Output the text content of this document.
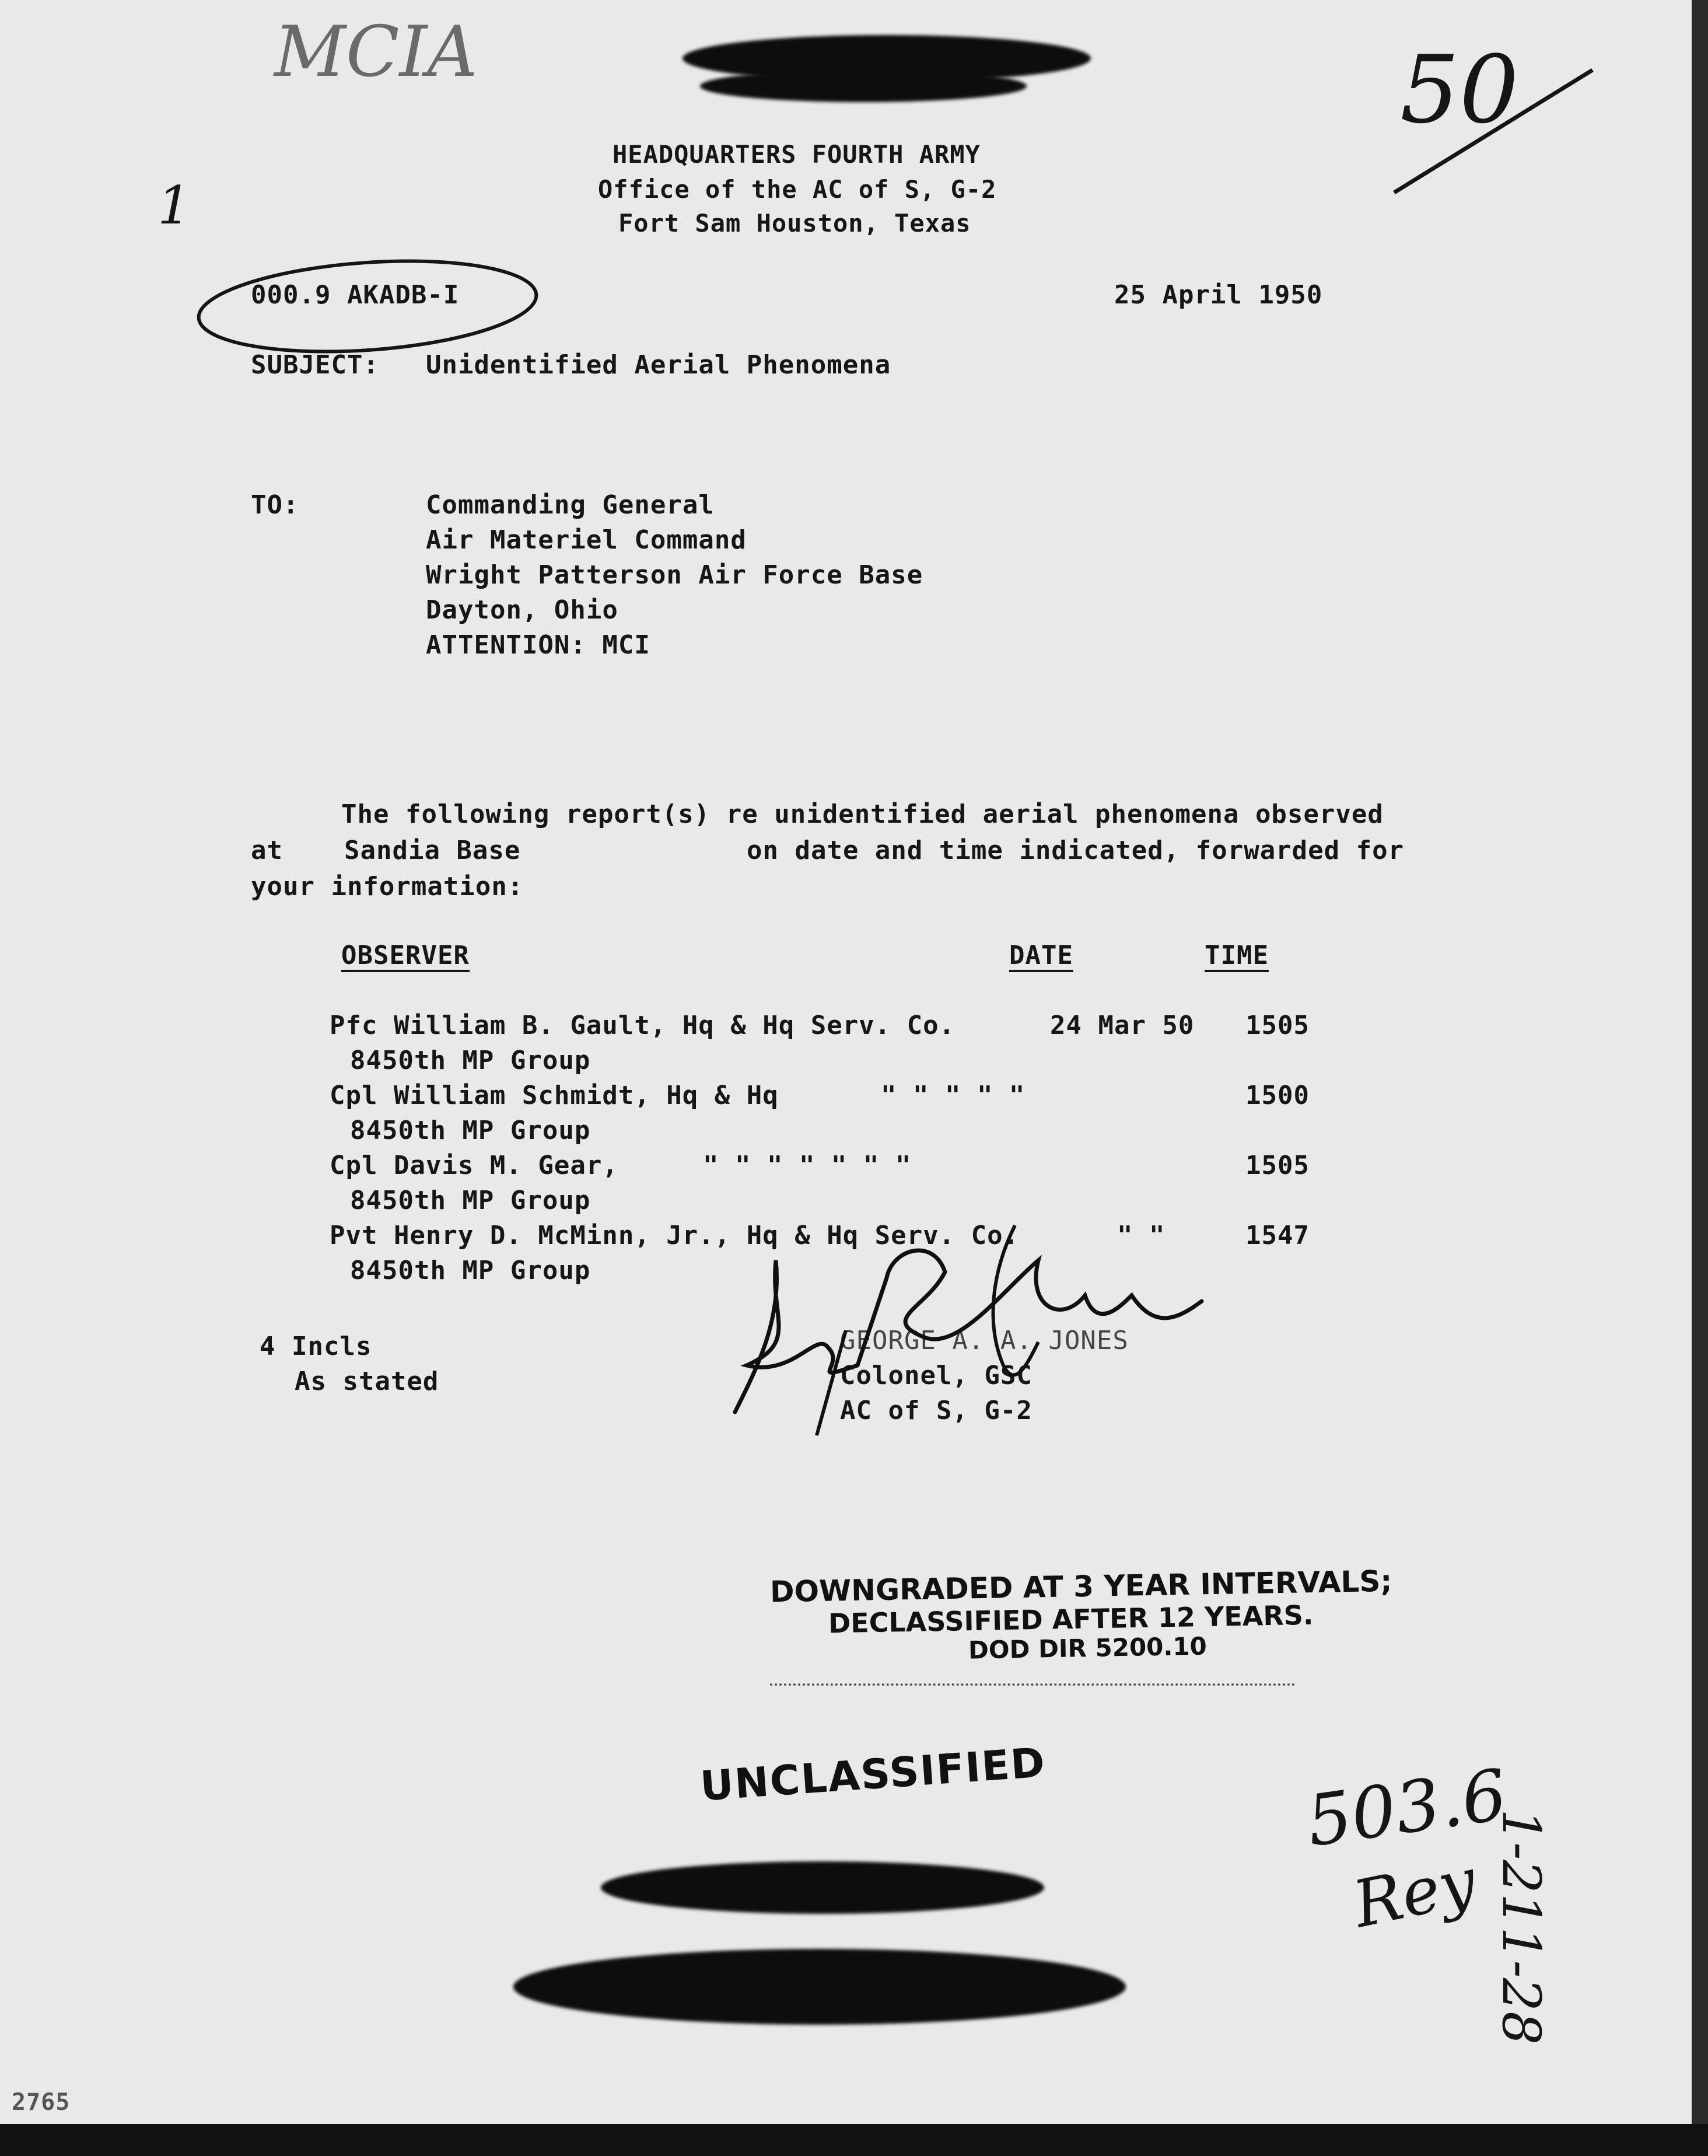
MCIA	50
1
HEADQUARTERS FOURTH ARMY
Office of the AC of S, G-2
Fort Sam Houston, Texas
000.9 AKADB-I	25 April 1950
SUBJECT: Unidentified Aerial Phenomena
TO:	Commanding General
Air Materiel Command
Wright Patterson Air Force Base
Dayton, Ohio
ATTENTION: MCI
The following report(s) re unidentified aerial phenomena observed
at Sandia Base	on date and time indicated, forwarded for
your information:
OBSERVER	DATE	TIME
Pfc William B. Gault, Hq & Hq Serv. Co.	24 Mar 50 1505
8450th MP Group
Cpl William Schmidt, Hq & Hq	" " " " "	1500
8450th MP Group
Cpl Davis M. Gear,	" " " " " " "	1505
8450th MP Group
Pvt Henry D. McMinn, Jr., Hq & Hq Serv. Co.	" "	1547
8450th MP Group
4 Incls
As stated
GEORGE A. A. JONES
Colonel, GSC
AC of S, G-2
DOWNGRADED AT 3 YEAR INTERVALS;
DECLASSIFIED AFTER 12 YEARS.
DOD DIR 5200.10
UNCLASSIFIED	503.6
Rey 1-211-28
2765
